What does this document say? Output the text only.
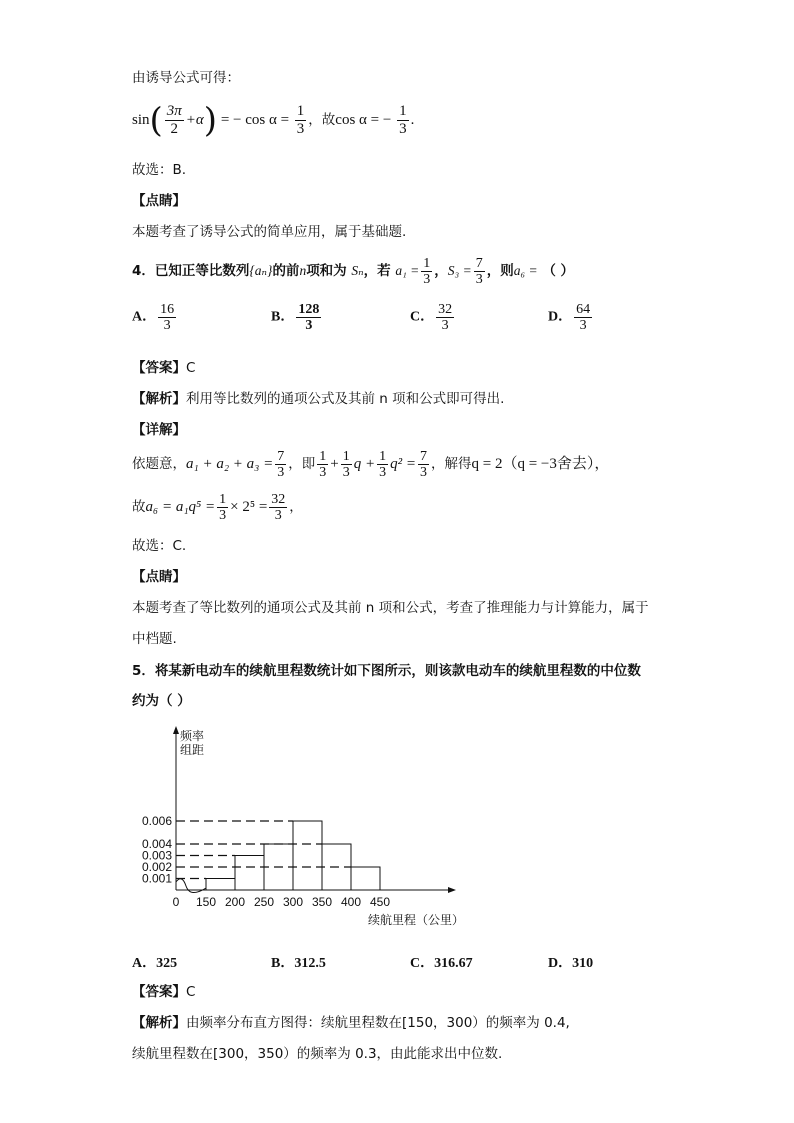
由诱导公式可得：
$\sin( \frac{3\pi}{2} +\alpha)$ = − $\cos \alpha = \frac{1}{3}$ ，故cos α = − $\frac{1}{3}$ .
故选：B.
【点睛】
本题考查了诱导公式的简单应用，属于基础题.
4．已知正等比数列{aₙ}的前n项和为 Sₙ，若 $a_1 = \frac{1}{3}$ ，$S_3 = \frac{7}{3}$ ，则a₆ = （ ）
A． $\frac{16}{3}$	B． $\frac{128}{3}$	C． $\frac{32}{3}$	D． $\frac{64}{3}$
【答案】C
【解析】利用等比数列的通项公式及其前 n 项和公式即可得出.
【详解】
依题意，$a_1 + a_2 + a_3 = \frac{7}{3}$ ，即 $\frac{1}{3} + \frac{1}{3}$ $q + \frac{1}{3} q^2 = \frac{7}{3}$ ，解得q = 2（q = −3舍去），
故$a_6 = a_1q^5 = \frac{1}{3} \times 2^5 = \frac{32}{3}$ ，
故选：C.
【点睛】
本题考查了等比数列的通项公式及其前 n 项和公式，考查了推理能力与计算能力，属于
中档题.
5．将某新电动车的续航里程数统计如下图所示，则该款电动车的续航里程数的中位数
约为（ ）
频率
组距
0.001
0.002
0.003
0.004
0.006
0 150 200 250 300 350 400 450
续航里程（公里）
A．325	B．312.5	C．316.67	D．310
【答案】C
【解析】由频率分布直方图得：续航里程数在[150，300）的频率为 0.4,
续航里程数在[300，350）的频率为 0.3，由此能求出中位数.
